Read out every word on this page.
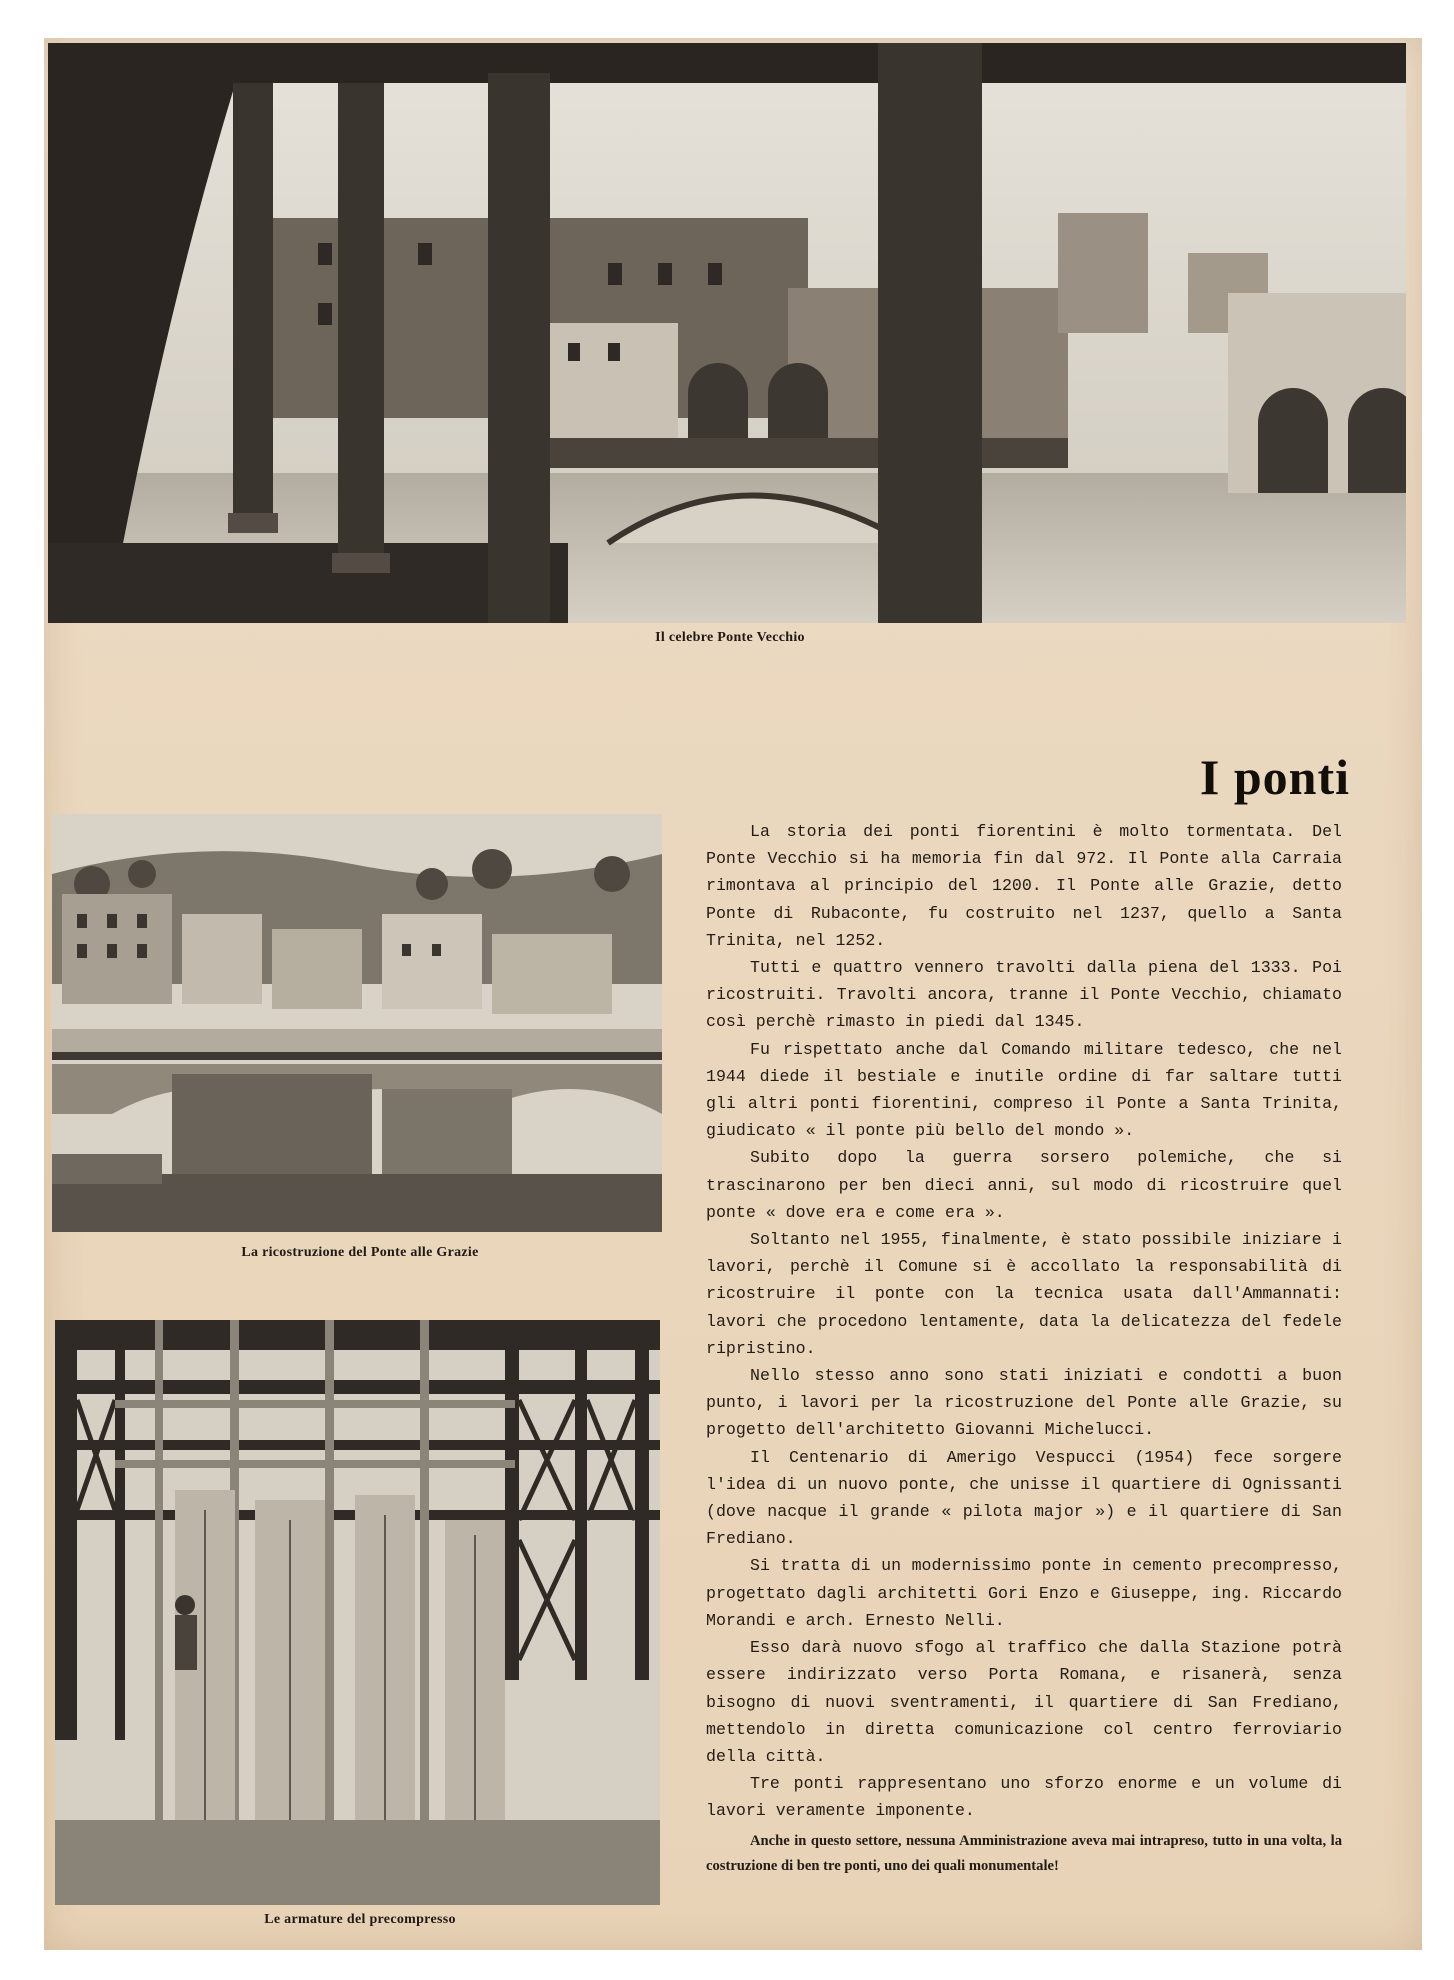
Il celebre Ponte Vecchio
La ricostruzione del Ponte alle Grazie
Le armature del precompresso
I ponti

La storia dei ponti fiorentini è molto tormentata. Del Ponte Vecchio si ha memoria fin dal 972. Il Ponte alla Carraia rimontava al principio del 1200. Il Ponte alle Grazie, detto Ponte di Rubaconte, fu costruito nel 1237, quello a Santa Trinita, nel 1252.

Tutti e quattro vennero travolti dalla piena del 1333. Poi ricostruiti. Travolti ancora, tranne il Ponte Vecchio, chiamato così perchè rimasto in piedi dal 1345.

Fu rispettato anche dal Comando militare tedesco, che nel 1944 diede il bestiale e inutile ordine di far saltare tutti gli altri ponti fiorentini, compreso il Ponte a Santa Trinita, giudicato « il ponte più bello del mondo ».

Subito dopo la guerra sorsero polemiche, che si trascinarono per ben dieci anni, sul modo di ricostruire quel ponte « dove era e come era ».

Soltanto nel 1955, finalmente, è stato possibile iniziare i lavori, perchè il Comune si è accollato la responsabilità di ricostruire il ponte con la tecnica usata dall'Ammannati: lavori che procedono lentamente, data la delicatezza del fedele ripristino.

Nello stesso anno sono stati iniziati e condotti a buon punto, i lavori per la ricostruzione del Ponte alle Grazie, su progetto dell'architetto Giovanni Michelucci.

Il Centenario di Amerigo Vespucci (1954) fece sorgere l'idea di un nuovo ponte, che unisse il quartiere di Ognissanti (dove nacque il grande « pilota major ») e il quartiere di San Frediano.

Si tratta di un modernissimo ponte in cemento precompresso, progettato dagli architetti Gori Enzo e Giuseppe, ing. Riccardo Morandi e arch. Ernesto Nelli.

Esso darà nuovo sfogo al traffico che dalla Stazione potrà essere indirizzato verso Porta Romana, e risanerà, senza bisogno di nuovi sventramenti, il quartiere di San Frediano, mettendolo in diretta comunicazione col centro ferroviario della città.

Tre ponti rappresentano uno sforzo enorme e un volume di lavori veramente imponente.

Anche in questo settore, nessuna Amministrazione aveva mai intrapreso, tutto in una volta, la costruzione di ben tre ponti, uno dei quali monumentale!
